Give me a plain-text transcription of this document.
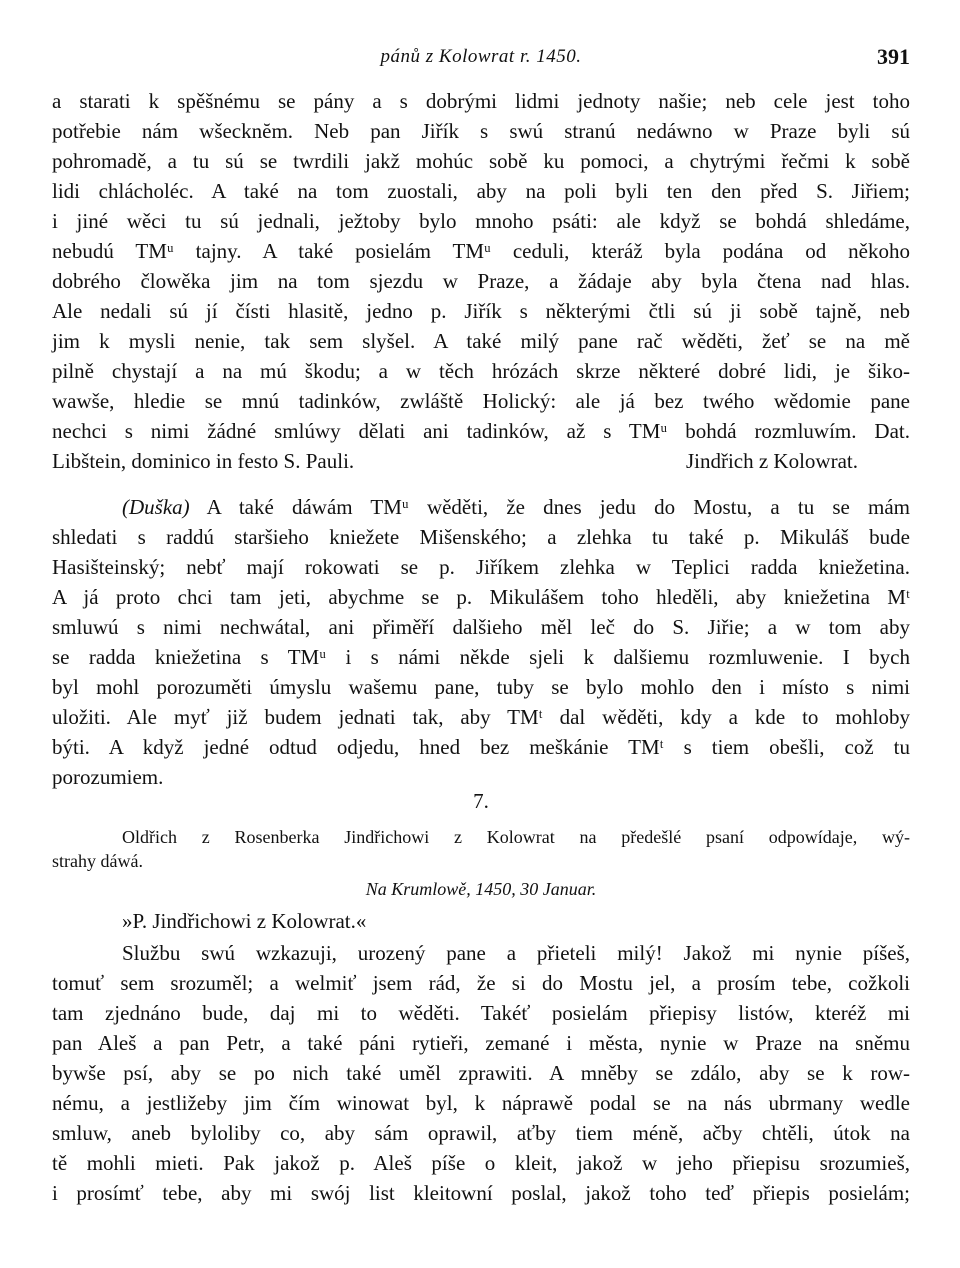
pánů z Kolowrat r. 1450.	391
a starati k spěšnému se pány a s dobrými lidmi jednoty našie; neb cele jest toho
potřebie nám wšecknĕm. Neb pan Jiřík s swú stranú nedáwno w Praze byli sú
pohromadě, a tu sú se twrdili jakž mohúc sobě ku pomoci, a chytrými řečmi k sobě
lidi chlácholéc. A také na tom zuostali, aby na poli byli ten den před S. Jiřiem;
i jiné wěci tu sú jednali, ježtoby bylo mnoho psáti: ale když se bohdá shledáme,
nebudú TMᵘ tajny. A také posielám TMᵘ ceduli, kteráž byla podána od někoho
dobrého člowěka jim na tom sjezdu w Praze, a žádaje aby byla čtena nad hlas.
Ale nedali sú jí čísti hlasitě, jedno p. Jiřík s některými čtli sú ji sobě tajně, neb
jim k mysli nenie, tak sem slyšel. A také milý pane rač wěděti, žeť se na mě
pilně chystají a na mú škodu; a w těch hrózách skrze některé dobré lidi, je šiko-
wawše, hledie se mnú tadinków, zwláště Holický: ale já bez twého wědomie pane
nechci s nimi žádné smlúwy dělati ani tadinków, až s TMᵘ bohdá rozmluwím. Dat.
Libštein, dominico in festo S. Pauli.	Jindřich z Kolowrat.
(Duška) A také dáwám TMᵘ wěděti, že dnes jedu do Mostu, a tu se mám
shledati s raddú staršieho kniežete Mišenského; a zlehka tu také p. Mikuláš bude
Hasišteinský; nebť mají rokowati se p. Jiříkem zlehka w Teplici radda kniežetina.
A já proto chci tam jeti, abychme se p. Mikulášem toho hleděli, aby kniežetina Mᵗ
smluwú s nimi nechwátal, ani přiměří dalšieho měl leč do S. Jiřie; a w tom aby
se radda kniežetina s TMᵘ i s námi někde sjeli k dalšiemu rozmluwenie. I bych
byl mohl porozuměti úmyslu wašemu pane, tuby se bylo mohlo den i místo s nimi
uložiti. Ale myť již budem jednati tak, aby TMᵗ dal wěděti, kdy a kde to mohloby
býti. A když jedné odtud odjedu, hned bez meškánie TMᵗ s tiem obešli, což tu
porozumiem.
7.
Oldřich z Rosenberka Jindřichowi z Kolowrat na předešlé psaní odpowídaje, wý-
strahy dáwá.
Na Krumlowě, 1450, 30 Januar.
»P. Jindřichowi z Kolowrat.«
Službu swú wzkazuji, urozený pane a přieteli milý! Jakož mi nynie píšeš,
tomuť sem srozuměl; a welmiť jsem rád, že si do Mostu jel, a prosím tebe, cožkoli
tam zjednáno bude, daj mi to wěděti. Takéť posielám přiepisy listów, kteréž mi
pan Aleš a pan Petr, a také páni rytieři, zemané i města, nynie w Praze na sněmu
bywše psí, aby se po nich také uměl zprawiti. A mněby se zdálo, aby se k row-
nému, a jestližeby jim čím winowat byl, k náprawě podal se na nás ubrmany wedle
smluw, aneb byloliby co, aby sám oprawil, aťby tiem méně, ačby chtěli, útok na
tě mohli mieti. Pak jakož p. Aleš píše o kleit, jakož w jeho přiepisu srozumieš,
i prosímť tebe, aby mi swój list kleitowní poslal, jakož toho teď přiepis posielám;
